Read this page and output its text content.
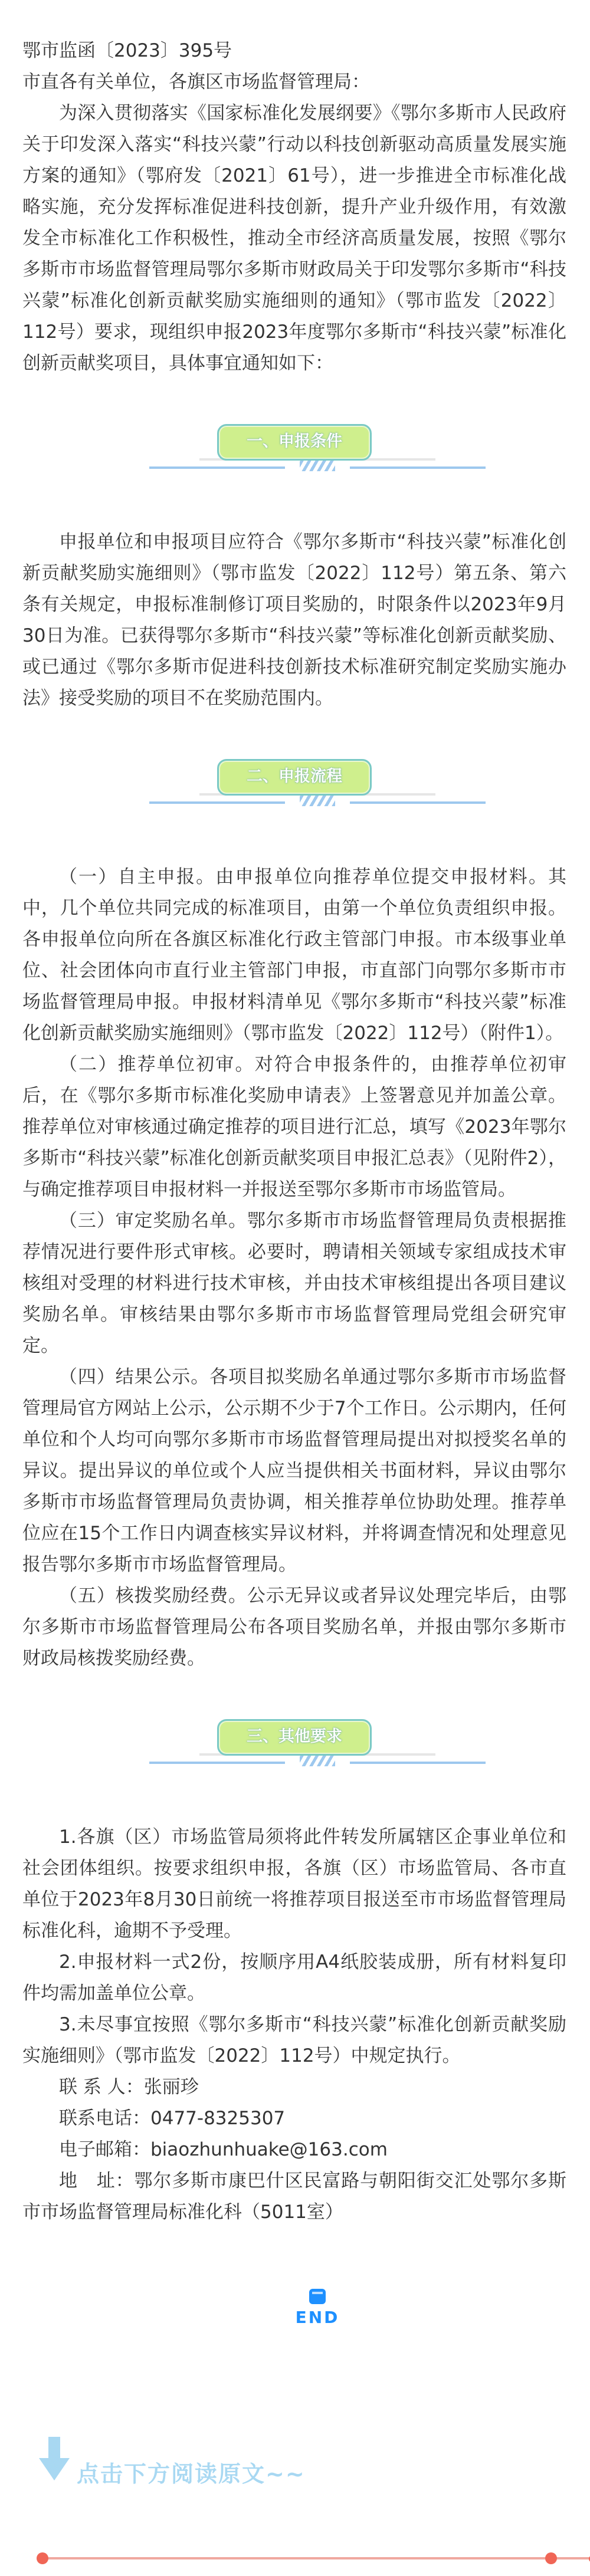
鄂市监函〔2023〕395号

市直各有关单位，各旗区市场监督管理局：

为深入贯彻落实《国家标准化发展纲要》《鄂尔多斯市人民政府关于印发深入落实“科技兴蒙”行动以科技创新驱动高质量发展实施方案的通知》（鄂府发〔2021〕61号），进一步推进全市标准化战略实施，充分发挥标准促进科技创新，提升产业升级作用，有效激发全市标准化工作积极性，推动全市经济高质量发展，按照《鄂尔多斯市市场监督管理局鄂尔多斯市财政局关于印发鄂尔多斯市“科技兴蒙”标准化创新贡献奖励实施细则的通知》（鄂市监发〔2022〕112号）要求，现组织申报2023年度鄂尔多斯市“科技兴蒙”标准化创新贡献奖项目，具体事宜通知如下：

一、申报条件

申报单位和申报项目应符合《鄂尔多斯市“科技兴蒙”标准化创新贡献奖励实施细则》（鄂市监发〔2022〕112号）第五条、第六条有关规定，申报标准制修订项目奖励的，时限条件以2023年9月30日为准。已获得鄂尔多斯市“科技兴蒙”等标准化创新贡献奖励、或已通过《鄂尔多斯市促进科技创新技术标准研究制定奖励实施办法》接受奖励的项目不在奖励范围内。

二、申报流程

（一）自主申报。由申报单位向推荐单位提交申报材料。其中，几个单位共同完成的标准项目，由第一个单位负责组织申报。各申报单位向所在各旗区标准化行政主管部门申报。市本级事业单位、社会团体向市直行业主管部门申报，市直部门向鄂尔多斯市市场监督管理局申报。申报材料清单见《鄂尔多斯市“科技兴蒙”标准化创新贡献奖励实施细则》（鄂市监发〔2022〕112号）（附件1）。

（二）推荐单位初审。对符合申报条件的，由推荐单位初审后，在《鄂尔多斯市标准化奖励申请表》上签署意见并加盖公章。推荐单位对审核通过确定推荐的项目进行汇总，填写《2023年鄂尔多斯市“科技兴蒙”标准化创新贡献奖项目申报汇总表》（见附件2），与确定推荐项目申报材料一并报送至鄂尔多斯市市场监管局。

（三）审定奖励名单。鄂尔多斯市市场监督管理局负责根据推荐情况进行要件形式审核。必要时，聘请相关领域专家组成技术审核组对受理的材料进行技术审核，并由技术审核组提出各项目建议奖励名单。审核结果由鄂尔多斯市市场监督管理局党组会研究审定。

（四）结果公示。各项目拟奖励名单通过鄂尔多斯市市场监督管理局官方网站上公示，公示期不少于7个工作日。公示期内，任何单位和个人均可向鄂尔多斯市市场监督管理局提出对拟授奖名单的异议。提出异议的单位或个人应当提供相关书面材料，异议由鄂尔多斯市市场监督管理局负责协调，相关推荐单位协助处理。推荐单位应在15个工作日内调查核实异议材料，并将调查情况和处理意见报告鄂尔多斯市市场监督管理局。

（五）核拨奖励经费。公示无异议或者异议处理完毕后，由鄂尔多斯市市场监督管理局公布各项目奖励名单，并报由鄂尔多斯市财政局核拨奖励经费。

三、其他要求

1.各旗（区）市场监管局须将此件转发所属辖区企事业单位和社会团体组织。按要求组织申报，各旗（区）市场监管局、各市直单位于2023年8月30日前统一将推荐项目报送至市市场监督管理局标准化科，逾期不予受理。

2.申报材料一式2份，按顺序用A4纸胶装成册，所有材料复印件均需加盖单位公章。

3.未尽事宜按照《鄂尔多斯市“科技兴蒙”标准化创新贡献奖励实施细则》（鄂市监发〔2022〕112号）中规定执行。

联 系 人：张丽珍

联系电话：0477-8325307

电子邮箱：biaozhunhuake@163.com

地　址：鄂尔多斯市康巴什区民富路与朝阳街交汇处鄂尔多斯市市场监督管理局标准化科（5011室）

END
点击下方阅读原文~~
